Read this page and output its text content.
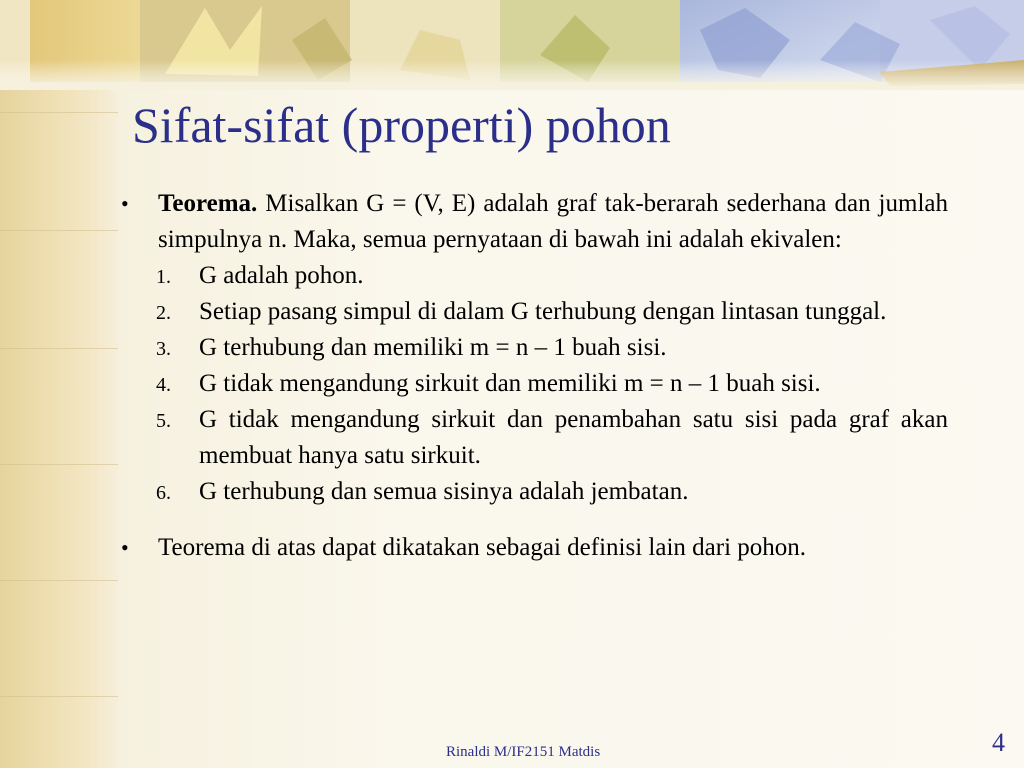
Sifat-sifat (properti) pohon

• Teorema. Misalkan G = (V, E) adalah graf tak-berarah sederhana dan jumlah simpulnya n. Maka, semua pernyataan di bawah ini adalah ekivalen:

1. G adalah pohon.
2. Setiap pasang simpul di dalam G terhubung dengan lintasan tunggal.
3. G terhubung dan memiliki m = n – 1 buah sisi.
4. G tidak mengandung sirkuit dan memiliki m = n – 1 buah sisi.
5. G tidak mengandung sirkuit dan penambahan satu sisi pada graf akan membuat hanya satu sirkuit.
6. G terhubung dan semua sisinya adalah jembatan.

• Teorema di atas dapat dikatakan sebagai definisi lain dari pohon.

Rinaldi M/IF2151 Matdis	4
